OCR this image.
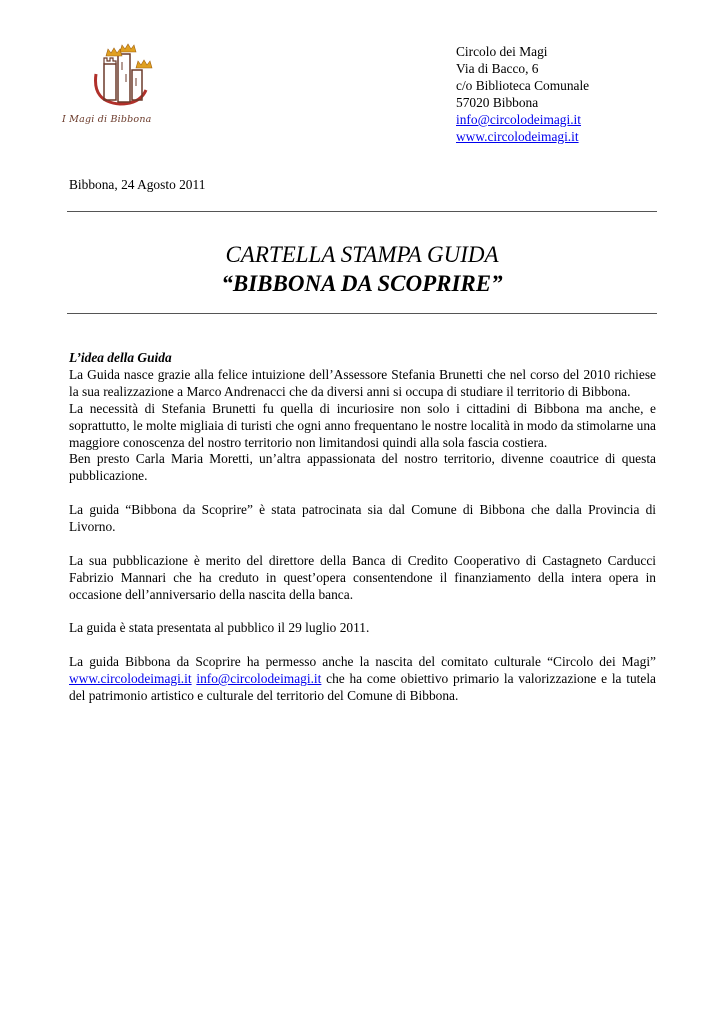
I Magi di Bibbona
Circolo dei Magi
Via di Bacco, 6
c/o Biblioteca Comunale
57020 Bibbona
info@circolodeimagi.it
www.circolodeimagi.it
Bibbona, 24 Agosto 2011
CARTELLA STAMPA GUIDA
“BIBBONA DA SCOPRIRE”

L’idea della Guida

La Guida nasce grazie alla felice intuizione dell’Assessore Stefania Brunetti che nel corso del 2010 richiese la sua realizzazione a Marco Andrenacci che da diversi anni si occupa di studiare il territorio di Bibbona.

La necessità di Stefania Brunetti fu quella di incuriosire non solo i cittadini di Bibbona ma anche, e soprattutto, le molte migliaia di turisti che ogni anno frequentano le nostre località in modo da stimolarne una maggiore conoscenza del nostro territorio non limitandosi quindi alla sola fascia costiera.

Ben presto Carla Maria Moretti, un’altra appassionata del nostro territorio, divenne coautrice di questa pubblicazione.

La guida “Bibbona da Scoprire” è stata patrocinata sia dal Comune di Bibbona che dalla Provincia di Livorno.

La sua pubblicazione è merito del direttore della Banca di Credito Cooperativo di Castagneto Carducci Fabrizio Mannari che ha creduto in quest’opera consentendone il finanziamento della intera opera in occasione dell’anniversario della nascita della banca.

La guida è stata presentata al pubblico il 29 luglio 2011.

La guida Bibbona da Scoprire ha permesso anche la nascita del comitato culturale “Circolo dei Magi” www.circolodeimagi.it info@circolodeimagi.it che ha come obiettivo primario la valorizzazione e la tutela del patrimonio artistico e culturale del territorio del Comune di Bibbona.
